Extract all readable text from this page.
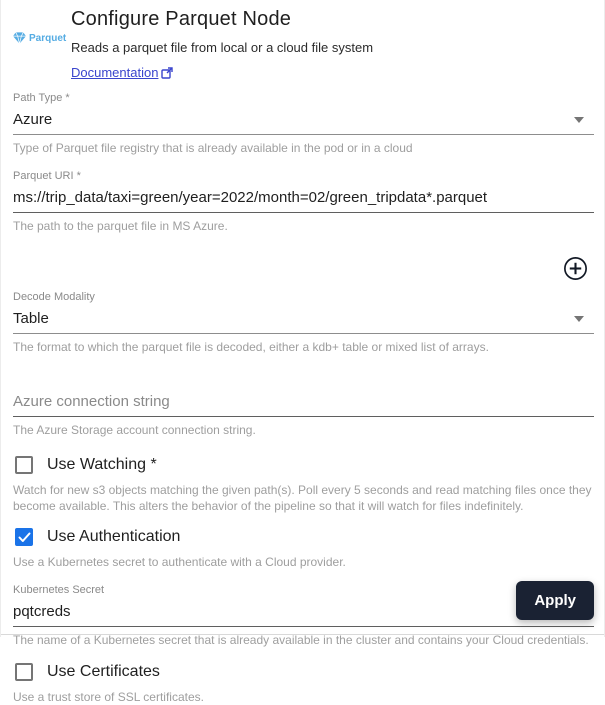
Parquet
Configure Parquet Node
Reads a parquet file from local or a cloud file system
Documentation
Path Type *
Azure
Type of Parquet file registry that is already available in the pod or in a cloud
Parquet URI *
ms://trip_data/taxi=green/year=2022/month=02/green_tripdata*.parquet
The path to the parquet file in MS Azure.
Decode Modality
Table
The format to which the parquet file is decoded, either a kdb+ table or mixed list of arrays.
Azure connection string
The Azure Storage account connection string.
Use Watching *
Watch for new s3 objects matching the given path(s). Poll every 5 seconds and read matching files once they become available. This alters the behavior of the pipeline so that it will watch for files indefinitely.
Use Authentication
Use a Kubernetes secret to authenticate with a Cloud provider.
Kubernetes Secret
pqtcreds
The name of a Kubernetes secret that is already available in the cluster and contains your Cloud credentials.
Use Certificates
Use a trust store of SSL certificates.
Apply
